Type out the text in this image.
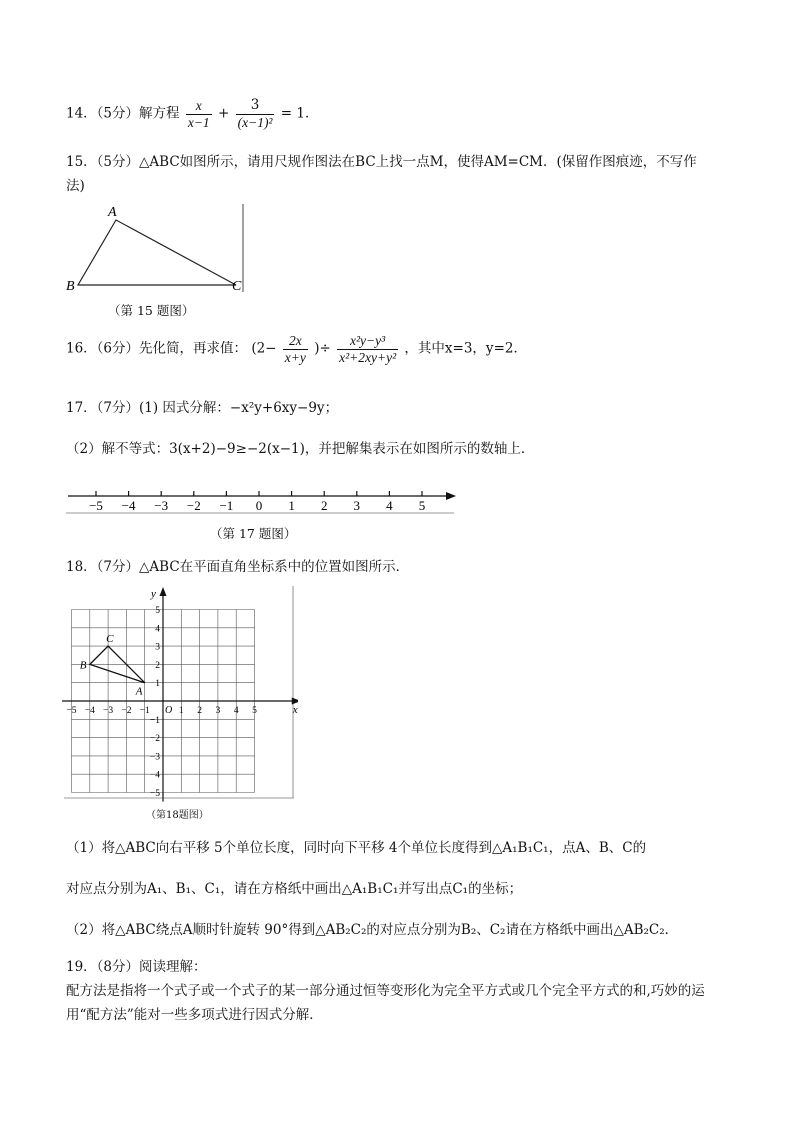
14．（5分）解方程 $\frac{x}{x-1} + \frac{3}{\text{(x−1)²}} = 1$．
15．（5分）△ABC如图所示，请用尺规作图法在BC上找一点M，使得AM=CM．(保留作图痕迹，不写作
法)
A
B	C
（第 15 题图）
16．（6分）先化简，再求值： ($2- \frac{2x}{x+y}$ )÷ $\frac{\text{x²y−y³}}{\text{x²+2xy+y²}}$ ，其中x=3，y=2．
17．（7分）(1) 因式分解：−x²y+6xy−9y；
（2）解不等式：3(x+2)−9≥−2(x−1)，并把解集表示在如图所示的数轴上．
−5 −4 −3 −2 −1 0 1 2 3 4 5
（第 17 题图）
18．（7分）△ABC在平面直角坐标系中的位置如图所示．
x
y
O
−5 −4 −3 −2 −1	1 2 3 4 5
5
4
3
2
1
−1
−2
−3
−4
−5
A
B
C
（第18题图）
（1）将△ABC向右平移 5个单位长度，同时向下平移 4个单位长度得到△A₁B₁C₁，点A、B、C的
对应点分别为A₁、B₁、C₁，请在方格纸中画出△A₁B₁C₁并写出点C₁的坐标；
（2）将△ABC绕点A顺时针旋转 90°得到△AB₂C₂的对应点分别为B₂、C₂请在方格纸中画出△AB₂C₂．
19．（8分）阅读理解：
配方法是指将一个式子或一个式子的某一部分通过恒等变形化为完全平方式或几个完全平方式的和,巧妙的运
用“配方法”能对一些多项式进行因式分解．
